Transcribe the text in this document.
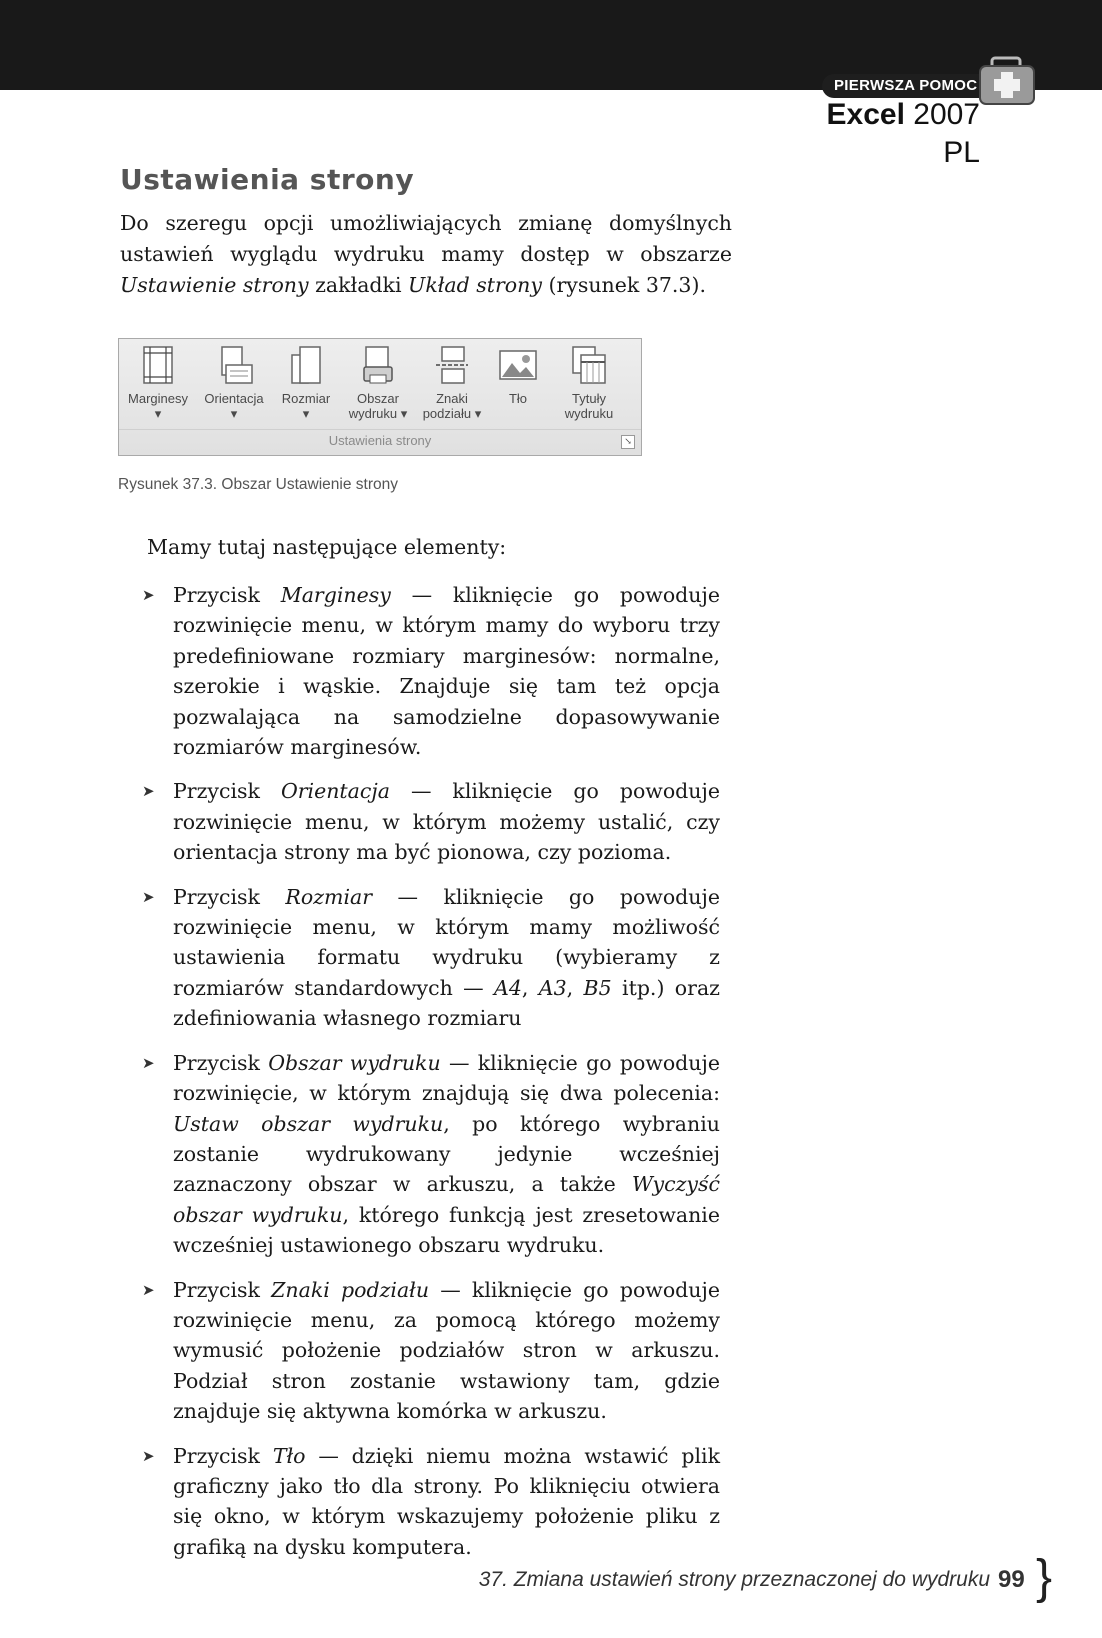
PIERWSZA POMOC
Excel 2007 PL
Ustawienia strony
Do szeregu opcji umożliwiających zmianę domyślnych ustawień wyglądu wydruku mamy dostęp w obszarze Ustawienie strony zakładki Układ strony (rysunek 37.3).
Marginesy
▾
Orientacja
▾
Rozmiar
▾
Obszar
wydruku ▾
Znaki
podziału ▾
Tło	Tytuły
wydruku
Ustawienia strony	↘
Rysunek 37.3. Obszar Ustawienie strony
Mamy tutaj następujące elementy:
➤ Przycisk Marginesy — kliknięcie go powoduje rozwinięcie menu, w którym mamy do wyboru trzy predefiniowane rozmiary marginesów: normalne, szerokie i wąskie. Znajduje się tam też opcja pozwalająca na samodzielne dopasowywanie rozmiarów marginesów.
➤ Przycisk Orientacja — kliknięcie go powoduje rozwinięcie menu, w którym możemy ustalić, czy orientacja strony ma być pionowa, czy pozioma.
➤ Przycisk Rozmiar — kliknięcie go powoduje rozwinięcie menu, w którym mamy możliwość ustawienia formatu wydruku (wybieramy z rozmiarów standardowych — A4, A3, B5 itp.) oraz zdefiniowania własnego rozmiaru
➤ Przycisk Obszar wydruku — kliknięcie go powoduje rozwinięcie, w którym znajdują się dwa polecenia: Ustaw obszar wydruku, po którego wybraniu zostanie wydrukowany jedynie wcześniej zaznaczony obszar w arkuszu, a także Wyczyść obszar wydruku, którego funkcją jest zresetowanie wcześniej ustawionego obszaru wydruku.
➤ Przycisk Znaki podziału — kliknięcie go powoduje rozwinięcie menu, za pomocą którego możemy wymusić położenie podziałów stron w arkuszu. Podział stron zostanie wstawiony tam, gdzie znajduje się aktywna komórka w arkuszu.
➤ Przycisk Tło — dzięki niemu można wstawić plik graficzny jako tło dla strony. Po kliknięciu otwiera się okno, w którym wskazujemy położenie pliku z grafiką na dysku komputera.
37. Zmiana ustawień strony przeznaczonej do wydruku 99 }
